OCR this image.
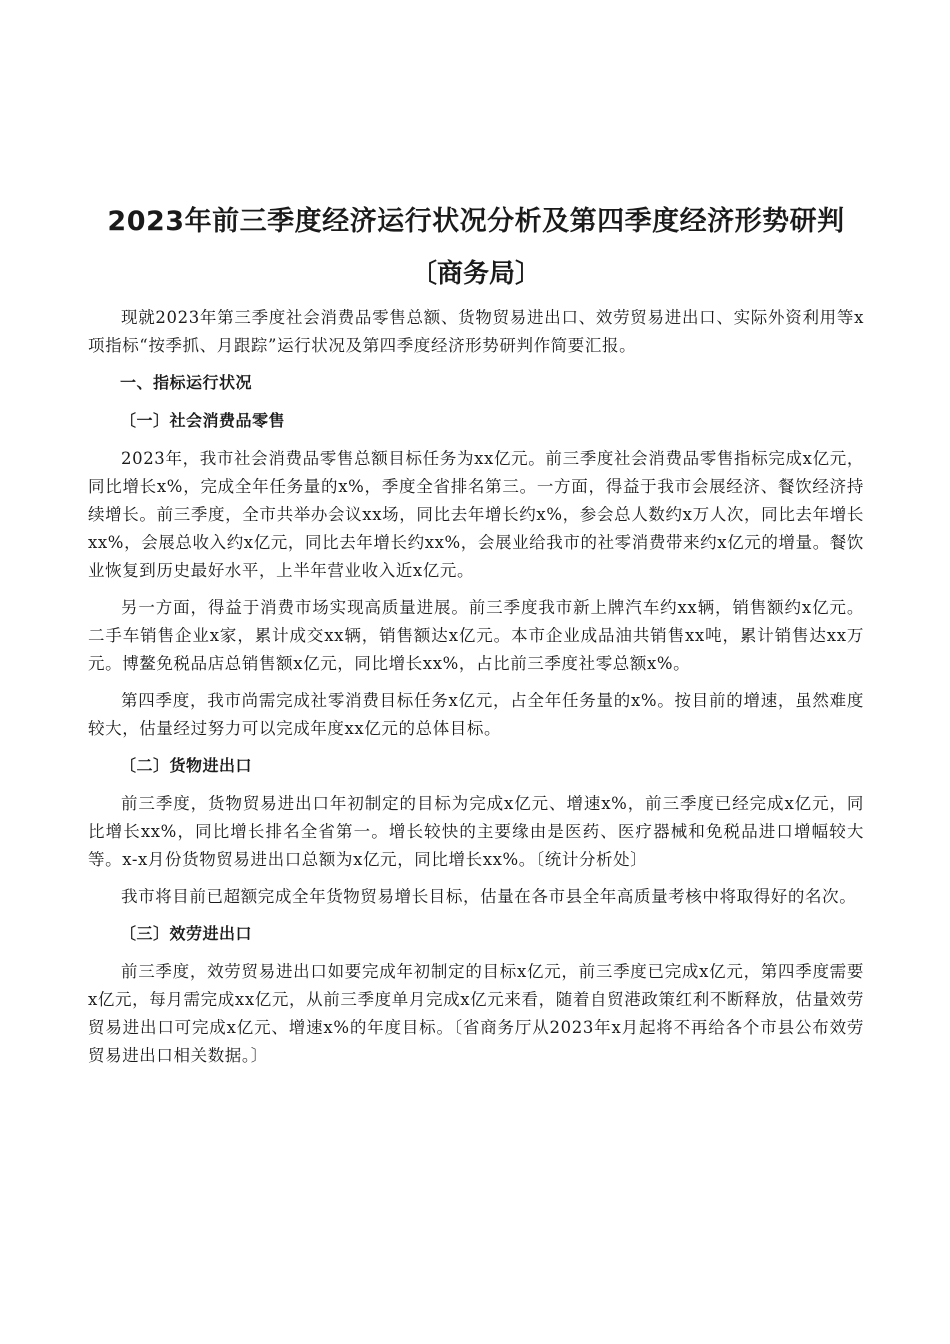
2023年前三季度经济运行状况分析及第四季度经济形势研判
〔商务局〕

现就2023年第三季度社会消费品零售总额、货物贸易进出口、效劳贸易进出口、实际外资利用等x项指标“按季抓、月跟踪”运行状况及第四季度经济形势研判作简要汇报。

一、指标运行状况
〔一〕社会消费品零售

2023年，我市社会消费品零售总额目标任务为xx亿元。前三季度社会消费品零售指标完成x亿元，同比增长x%，完成全年任务量的x%，季度全省排名第三。一方面，得益于我市会展经济、餐饮经济持续增长。前三季度，全市共举办会议xx场，同比去年增长约x%，参会总人数约x万人次，同比去年增长xx%，会展总收入约x亿元，同比去年增长约xx%，会展业给我市的社零消费带来约x亿元的增量。餐饮业恢复到历史最好水平，上半年营业收入近x亿元。

另一方面，得益于消费市场实现高质量进展。前三季度我市新上牌汽车约xx辆，销售额约x亿元。二手车销售企业x家，累计成交xx辆，销售额达x亿元。本市企业成品油共销售xx吨，累计销售达xx万元。博鳌免税品店总销售额x亿元，同比增长xx%，占比前三季度社零总额x%。

第四季度，我市尚需完成社零消费目标任务x亿元，占全年任务量的x%。按目前的增速，虽然难度较大，估量经过努力可以完成年度xx亿元的总体目标。

〔二〕货物进出口

前三季度，货物贸易进出口年初制定的目标为完成x亿元、增速x%，前三季度已经完成x亿元，同比增长xx%，同比增长排名全省第一。增长较快的主要缘由是医药、医疗器械和免税品进口增幅较大等。x-x月份货物贸易进出口总额为x亿元，同比增长xx%。〔统计分析处〕

我市将目前已超额完成全年货物贸易增长目标，估量在各市县全年高质量考核中将取得好的名次。

〔三〕效劳进出口

前三季度，效劳贸易进出口如要完成年初制定的目标x亿元，前三季度已完成x亿元，第四季度需要x亿元，每月需完成xx亿元，从前三季度单月完成x亿元来看，随着自贸港政策红利不断释放，估量效劳贸易进出口可完成x亿元、增速x%的年度目标。〔省商务厅从2023年x月起将不再给各个市县公布效劳贸易进出口相关数据。〕
